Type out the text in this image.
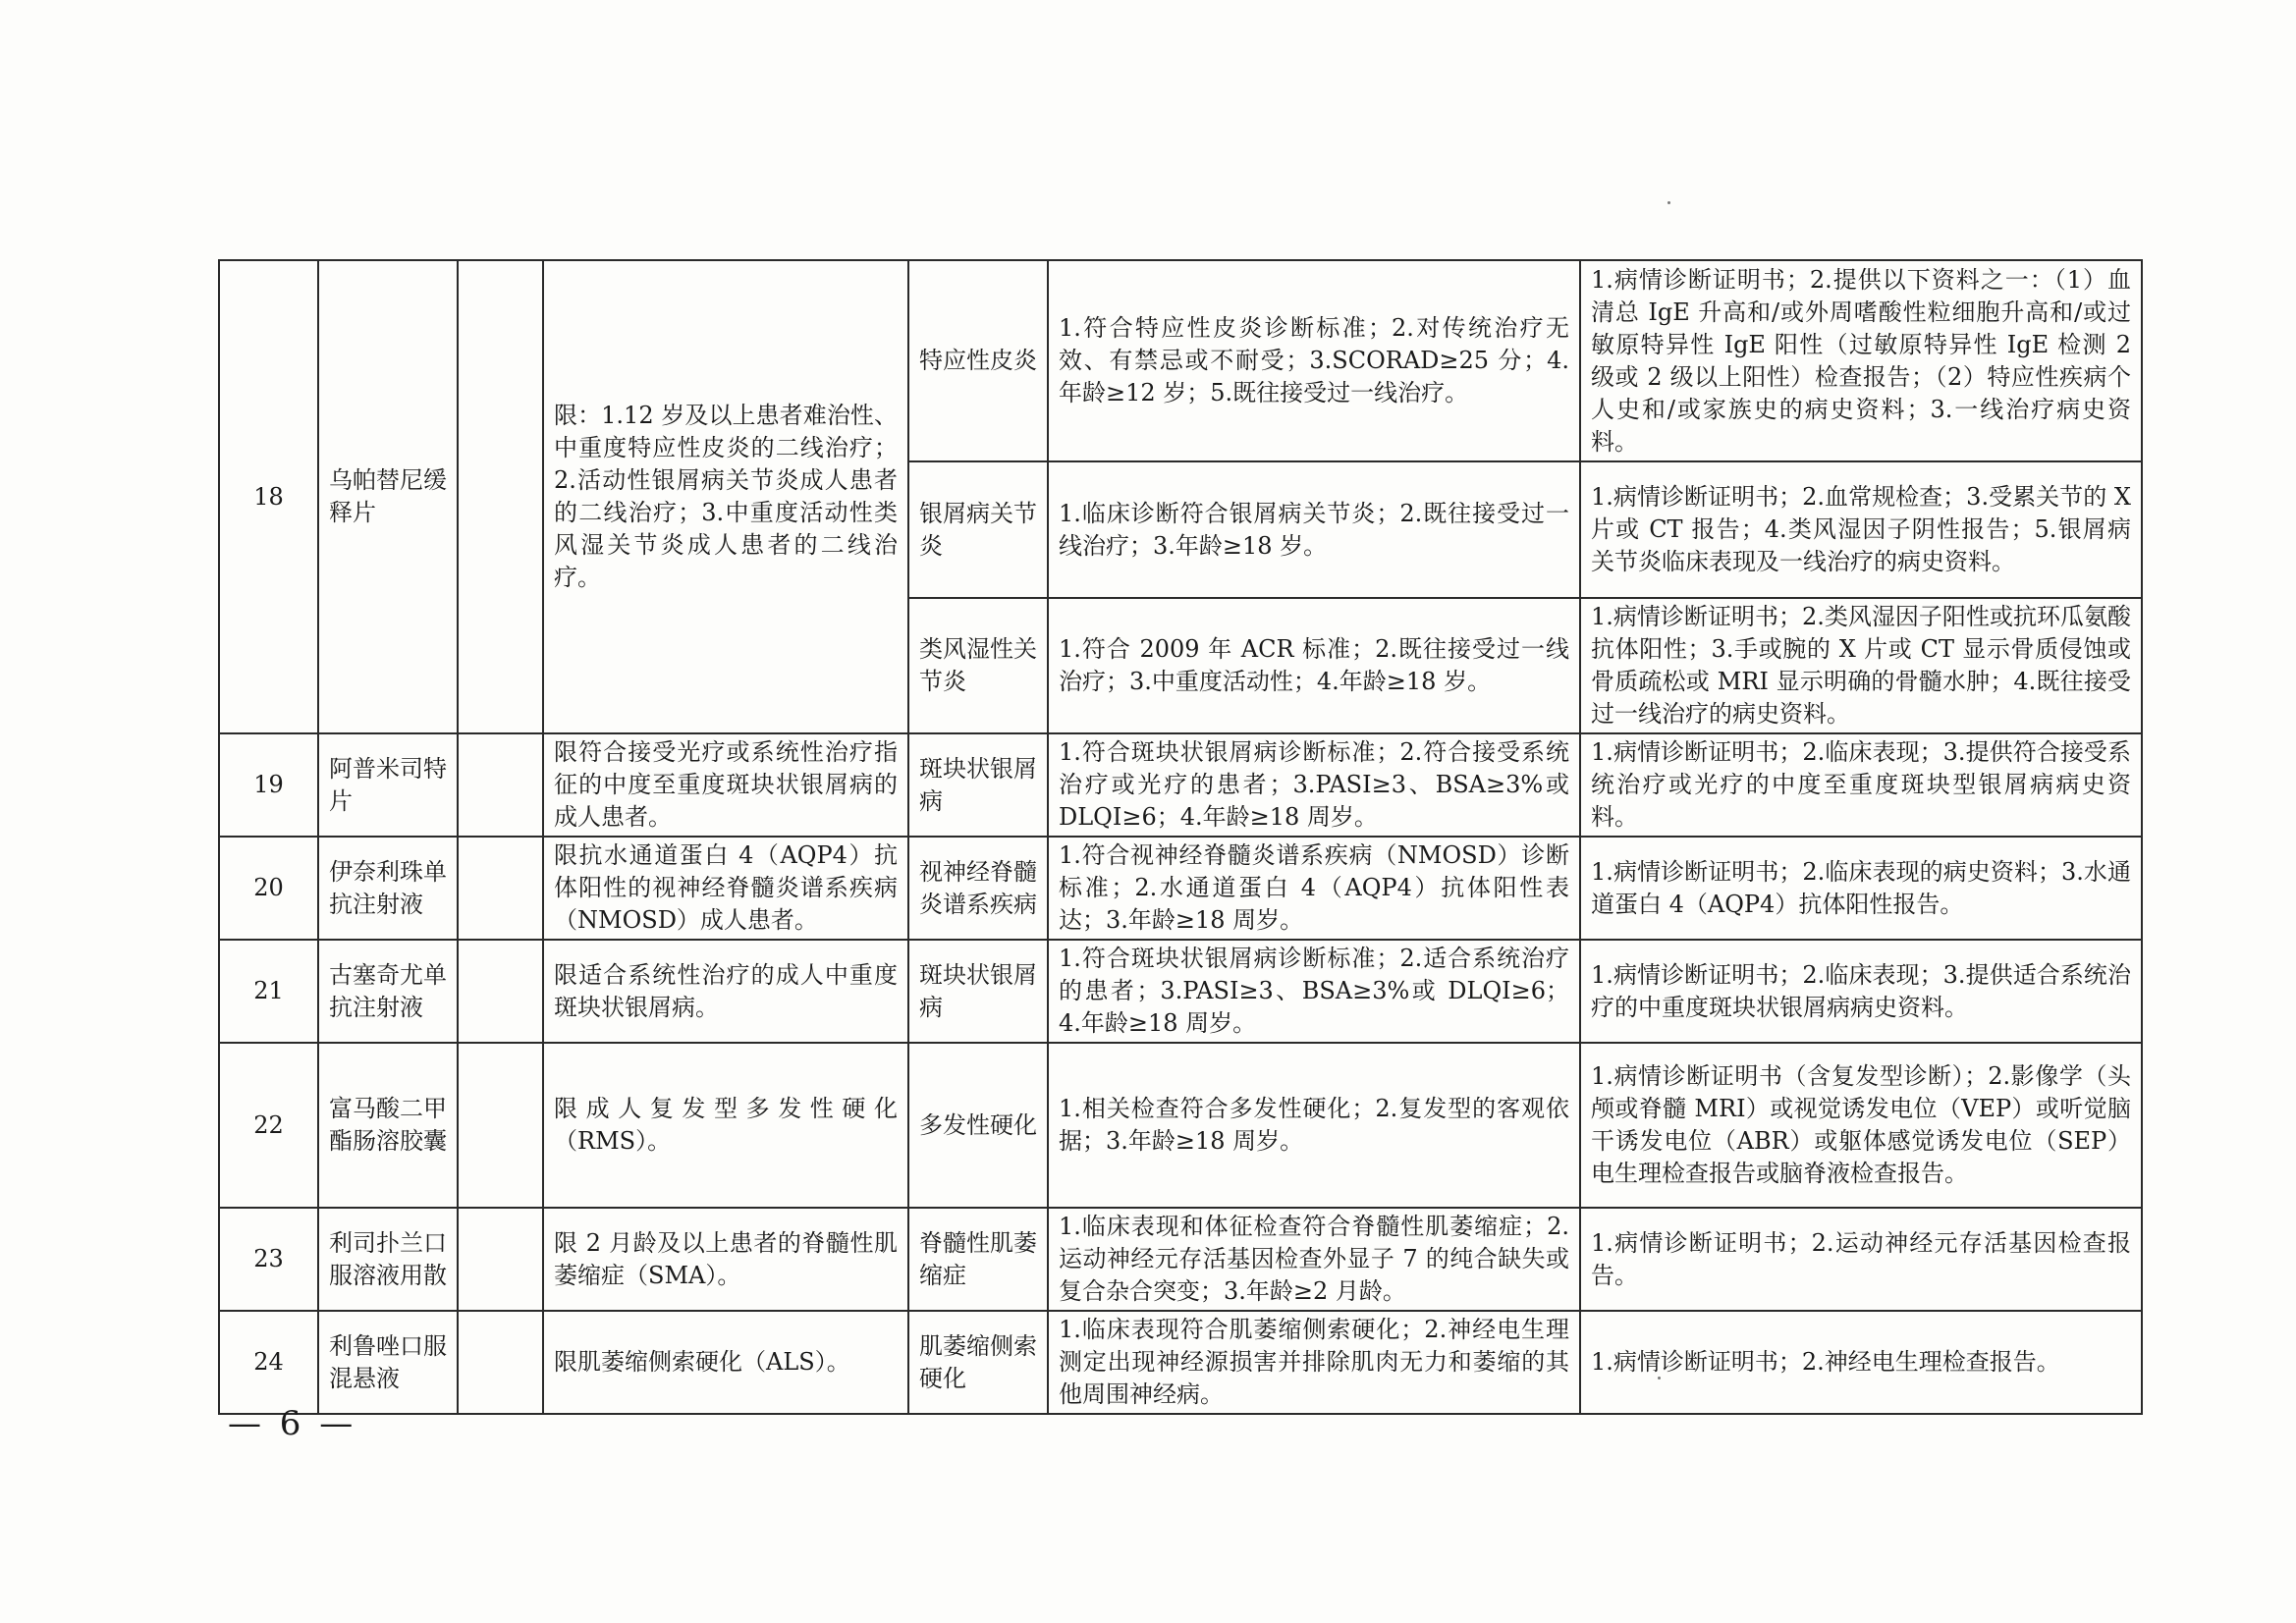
18	乌帕替尼缓释片		限：1.12 岁及以上患者难治性、中重度特应性皮炎的二线治疗；2.活动性银屑病关节炎成人患者的二线治疗；3.中重度活动性类风湿关节炎成人患者的二线治疗。	特应性皮炎	1.符合特应性皮炎诊断标准；2.对传统治疗无效、有禁忌或不耐受；3.SCORAD≥25 分；4.年龄≥12 岁；5.既往接受过一线治疗。	1.病情诊断证明书；2.提供以下资料之一：（1）血清总 IgE 升高和/或外周嗜酸性粒细胞升高和/或过敏原特异性 IgE 阳性（过敏原特异性 IgE 检测 2 级或 2 级以上阳性）检查报告；（2）特应性疾病个人史和/或家族史的病史资料；3.一线治疗病史资料。
				银屑病关节炎	1.临床诊断符合银屑病关节炎；2.既往接受过一线治疗；3.年龄≥18 岁。	1.病情诊断证明书；2.血常规检查；3.受累关节的 X 片或 CT 报告；4.类风湿因子阴性报告；5.银屑病关节炎临床表现及一线治疗的病史资料。
				类风湿性关节炎	1.符合 2009 年 ACR 标准；2.既往接受过一线治疗；3.中重度活动性；4.年龄≥18 岁。	1.病情诊断证明书；2.类风湿因子阳性或抗环瓜氨酸抗体阳性；3.手或腕的 X 片或 CT 显示骨质侵蚀或骨质疏松或 MRI 显示明确的骨髓水肿；4.既往接受过一线治疗的病史资料。
19	阿普米司特片		限符合接受光疗或系统性治疗指征的中度至重度斑块状银屑病的成人患者。	斑块状银屑病	1.符合斑块状银屑病诊断标准；2.符合接受系统治疗或光疗的患者；3.PASI≥3、BSA≥3%或 DLQI≥6；4.年龄≥18 周岁。	1.病情诊断证明书；2.临床表现；3.提供符合接受系统治疗或光疗的中度至重度斑块型银屑病病史资料。
20	伊奈利珠单抗注射液		限抗水通道蛋白 4（AQP4）抗体阳性的视神经脊髓炎谱系疾病（NMOSD）成人患者。	视神经脊髓炎谱系疾病	1.符合视神经脊髓炎谱系疾病（NMOSD）诊断标准；2.水通道蛋白 4（AQP4）抗体阳性表达；3.年龄≥18 周岁。	1.病情诊断证明书；2.临床表现的病史资料；3.水通道蛋白 4（AQP4）抗体阳性报告。
21	古塞奇尤单抗注射液		限适合系统性治疗的成人中重度斑块状银屑病。	斑块状银屑病	1.符合斑块状银屑病诊断标准；2.适合系统治疗的患者；3.PASI≥3、BSA≥3%或 DLQI≥6；4.年龄≥18 周岁。	1.病情诊断证明书；2.临床表现；3.提供适合系统治疗的中重度斑块状银屑病病史资料。
22	富马酸二甲酯肠溶胶囊		限成人复发型多发性硬化（RMS）。	多发性硬化	1.相关检查符合多发性硬化；2.复发型的客观依据；3.年龄≥18 周岁。	1.病情诊断证明书（含复发型诊断）；2.影像学（头颅或脊髓 MRI）或视觉诱发电位（VEP）或听觉脑干诱发电位（ABR）或躯体感觉诱发电位（SEP）电生理检查报告或脑脊液检查报告。
23	利司扑兰口服溶液用散		限 2 月龄及以上患者的脊髓性肌萎缩症（SMA）。	脊髓性肌萎缩症	1.临床表现和体征检查符合脊髓性肌萎缩症；2.运动神经元存活基因检查外显子 7 的纯合缺失或复合杂合突变；3.年龄≥2 月龄。	1.病情诊断证明书；2.运动神经元存活基因检查报告。
24	利鲁唑口服混悬液		限肌萎缩侧索硬化（ALS）。	肌萎缩侧索硬化	1.临床表现符合肌萎缩侧索硬化；2.神经电生理测定出现神经源损害并排除肌肉无力和萎缩的其他周围神经病。	1.病情诊断证明书；2.神经电生理检查报告。
— 6 —
